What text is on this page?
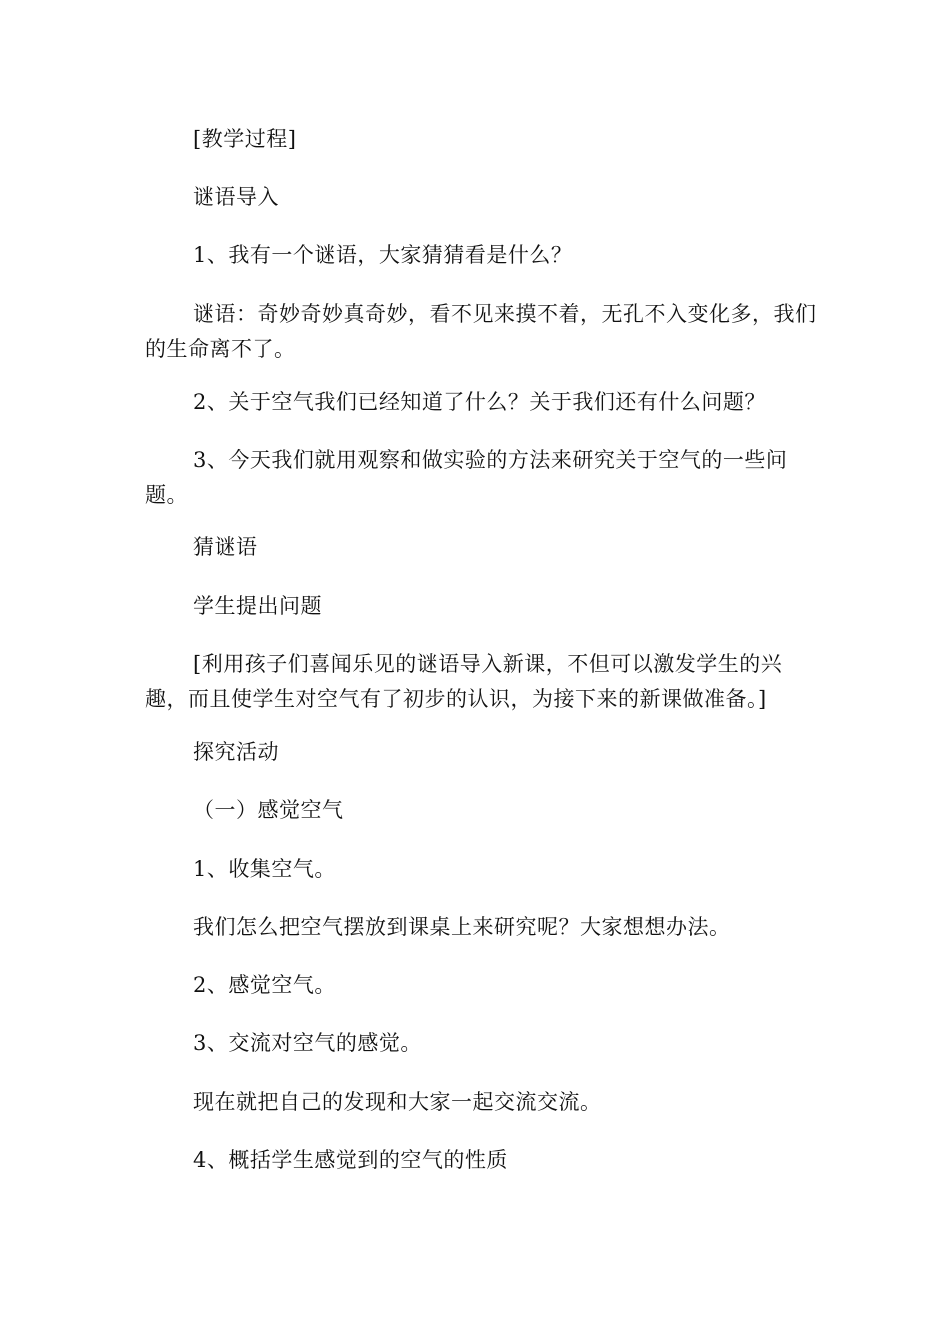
[教学过程]
谜语导入
1、我有一个谜语，大家猜猜看是什么？
谜语：奇妙奇妙真奇妙，看不见来摸不着，无孔不入变化多，我们的生命离不了。
2、关于空气我们已经知道了什么？关于我们还有什么问题？
3、今天我们就用观察和做实验的方法来研究关于空气的一些问题。
猜谜语
学生提出问题
[利用孩子们喜闻乐见的谜语导入新课，不但可以激发学生的兴趣，而且使学生对空气有了初步的认识，为接下来的新课做准备。]
探究活动
（一）感觉空气
1、收集空气。
我们怎么把空气摆放到课桌上来研究呢？大家想想办法。
2、感觉空气。
3、交流对空气的感觉。
现在就把自己的发现和大家一起交流交流。
4、概括学生感觉到的空气的性质
